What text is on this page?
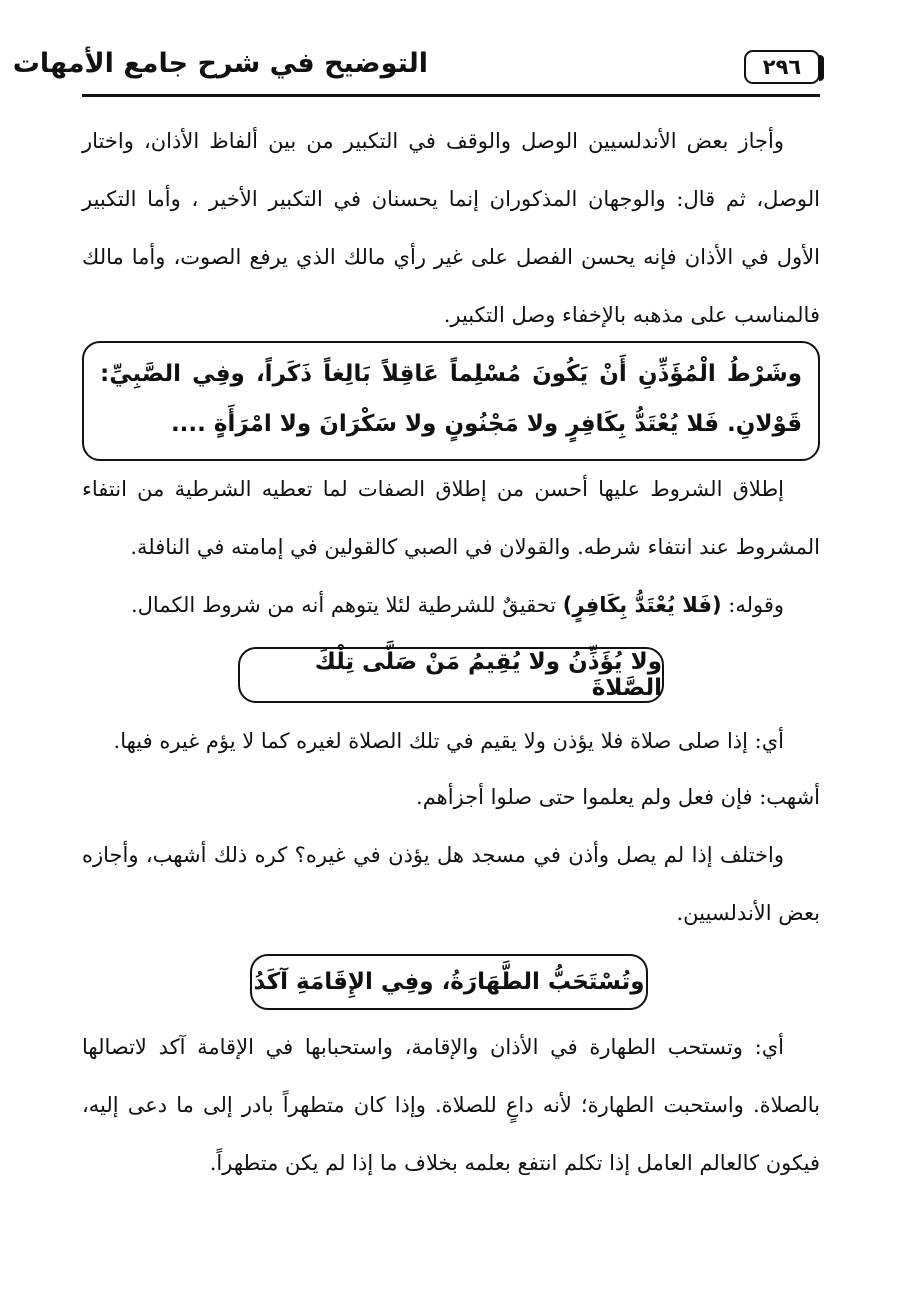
٢٩٦
التوضيح في شرح جامع الأمهات

وأجاز بعض الأندلسيين الوصل والوقف في التكبير من بين ألفاظ الأذان، واختار الوصل، ثم قال: والوجهان المذكوران إنما يحسنان في التكبير الأخير ، وأما التكبير الأول في الأذان فإنه يحسن الفصل على غير رأي مالك الذي يرفع الصوت، وأما مالك فالمناسب على مذهبه بالإخفاء وصل التكبير.

وشَرْطُ الْمُؤَذِّنِ أَنْ يَكُونَ مُسْلِماً عَاقِلاً بَالِغاً ذَكَراً، وفِي الصَّبِيِّ: قَوْلانِ. فَلا يُعْتَدُّ بِكَافِرٍ ولا مَجْنُونٍ ولا سَكْرَانَ ولا امْرَأَةٍ ....

إطلاق الشروط عليها أحسن من إطلاق الصفات لما تعطيه الشرطية من انتفاء المشروط عند انتفاء شرطه. والقولان في الصبي كالقولين في إمامته في النافلة.

وقوله: (فَلا يُعْتَدُّ بِكَافِرٍ) تحقيقٌ للشرطية لئلا يتوهم أنه من شروط الكمال.

ولا يُؤَذِّنُ ولا يُقِيمُ مَنْ صَلَّى تِلْكَ الصَّلاةَ

أي: إذا صلى صلاة فلا يؤذن ولا يقيم في تلك الصلاة لغيره كما لا يؤم غيره فيها.

أشهب: فإن فعل ولم يعلموا حتى صلوا أجزأهم.

واختلف إذا لم يصل وأذن في مسجد هل يؤذن في غيره؟ كره ذلك أشهب، وأجازه بعض الأندلسيين.

وتُسْتَحَبُّ الطَّهَارَةُ، وفِي الإِقَامَةِ آكَدُ

أي: وتستحب الطهارة في الأذان والإقامة، واستحبابها في الإقامة آكد لاتصالها بالصلاة. واستحبت الطهارة؛ لأنه داعٍ للصلاة. وإذا كان متطهراً بادر إلى ما دعى إليه، فيكون كالعالم العامل إذا تكلم انتفع بعلمه بخلاف ما إذا لم يكن متطهراً.
